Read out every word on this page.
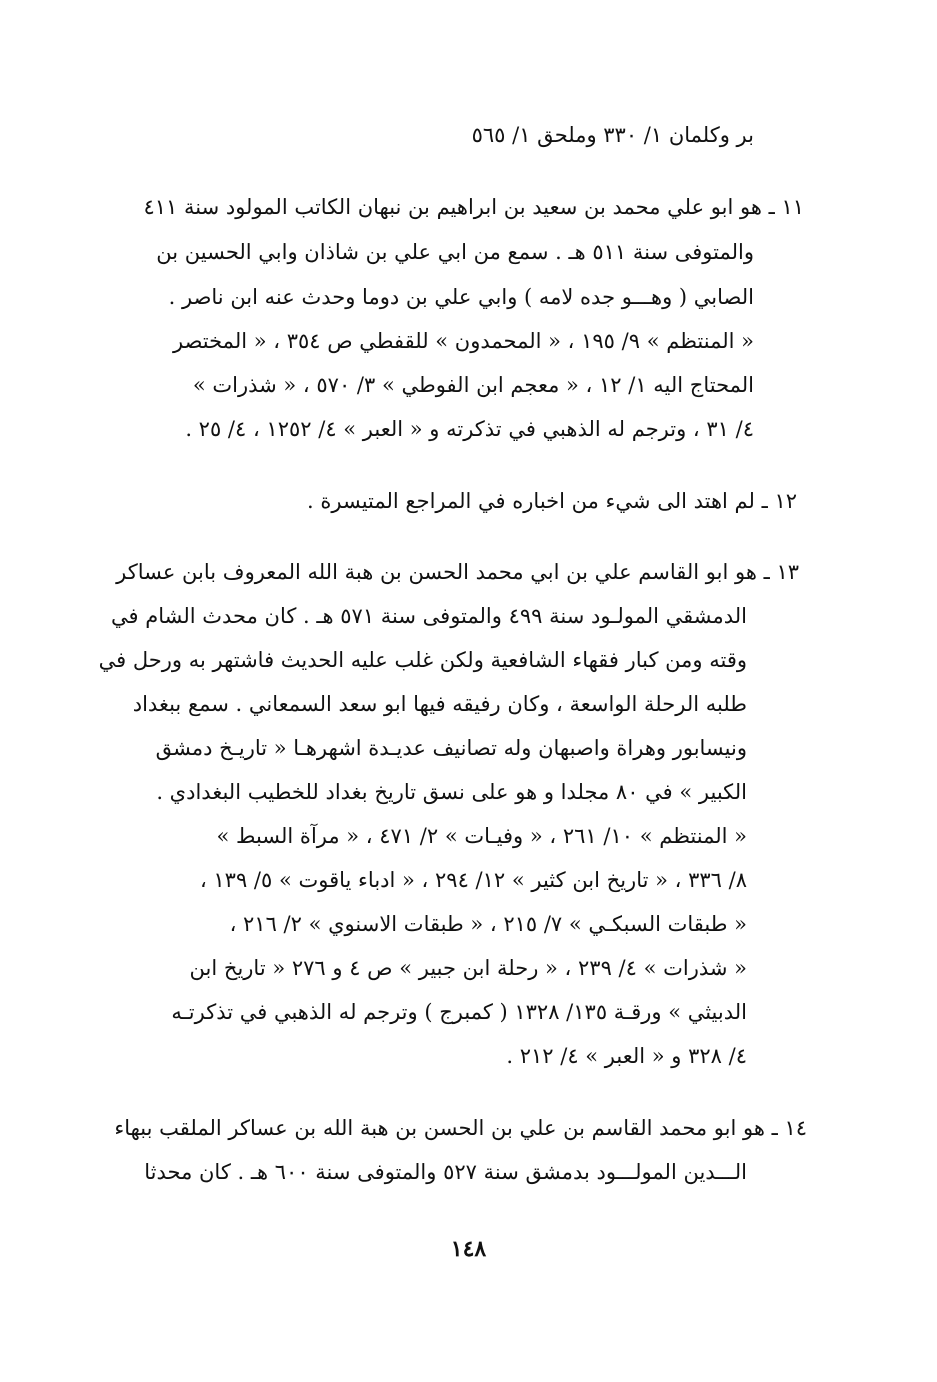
بر وكلمان ١/ ٣٣٠ وملحق ١/ ٥٦٥

١١ ـ هو ابو علي محمد بن سعيد بن ابراهيم بن نبهان الكاتب المولود سنة ٤١١

والمتوفى سنة ٥١١ هـ . سمع من ابي علي بن شاذان وابي الحسين بن

الصابي ( وهـــو جده لامه ) وابي علي بن دوما وحدث عنه ابن ناصر .

« المنتظم » ٩/ ١٩٥ ، « المحمدون » للقفطي ص ٣٥٤ ، « المختصر

المحتاج اليه ١/ ١٢ ، « معجم ابن الفوطي » ٣/ ٥٧٠ ، « شذرات »

٤/ ٣١ ، وترجم له الذهبي في تذكرته و « العبر » ٤/ ١٢٥٢ ، ٤/ ٢٥ .

١٢ ـ لم اهتد الى شيء من اخباره في المراجع المتيسرة .

١٣ ـ هو ابو القاسم علي بن ابي محمد الحسن بن هبة الله المعروف بابن عساكر

الدمشقي المولـود سنة ٤٩٩ والمتوفى سنة ٥٧١ هـ . كان محدث الشام في

وقته ومن كبار فقهاء الشافعية ولكن غلب عليه الحديث فاشتهر به ورحل في

طلبه الرحلة الواسعة ، وكان رفيقه فيها ابو سعد السمعاني . سمع ببغداد

ونيسابور وهراة واصبهان وله تصانيف عديـدة اشهرهـا « تاريـخ دمشق

الكبير » في ٨٠ مجلدا و هو على نسق تاريخ بغداد للخطيب البغدادي .

« المنتظم » ١٠/ ٢٦١ ، « وفيـات » ٢/ ٤٧١ ، « مرآة السبط »

٨/ ٣٣٦ ، « تاريخ ابن كثير » ١٢/ ٢٩٤ ، « ادباء ياقوت » ٥/ ١٣٩ ،

« طبقات السبكـي » ٧/ ٢١٥ ، « طبقات الاسنوي » ٢/ ٢١٦ ،

« شذرات » ٤/ ٢٣٩ ، « رحلة ابن جبير » ص ٤ و ٢٧٦ « تاريخ ابن

الدبيثي » ورقـة ١٣٥/ ١٣٢٨ ( كمبرج ) وترجم له الذهبي في تذكرتـه

٤/ ٣٢٨ و « العبر » ٤/ ٢١٢ .

١٤ ـ هو ابو محمد القاسم بن علي بن الحسن بن هبة الله بن عساكر الملقب ببهاء

الـــدين المولـــود بدمشق سنة ٥٢٧ والمتوفى سنة ٦٠٠ هـ . كان محدثا

١٤٨
